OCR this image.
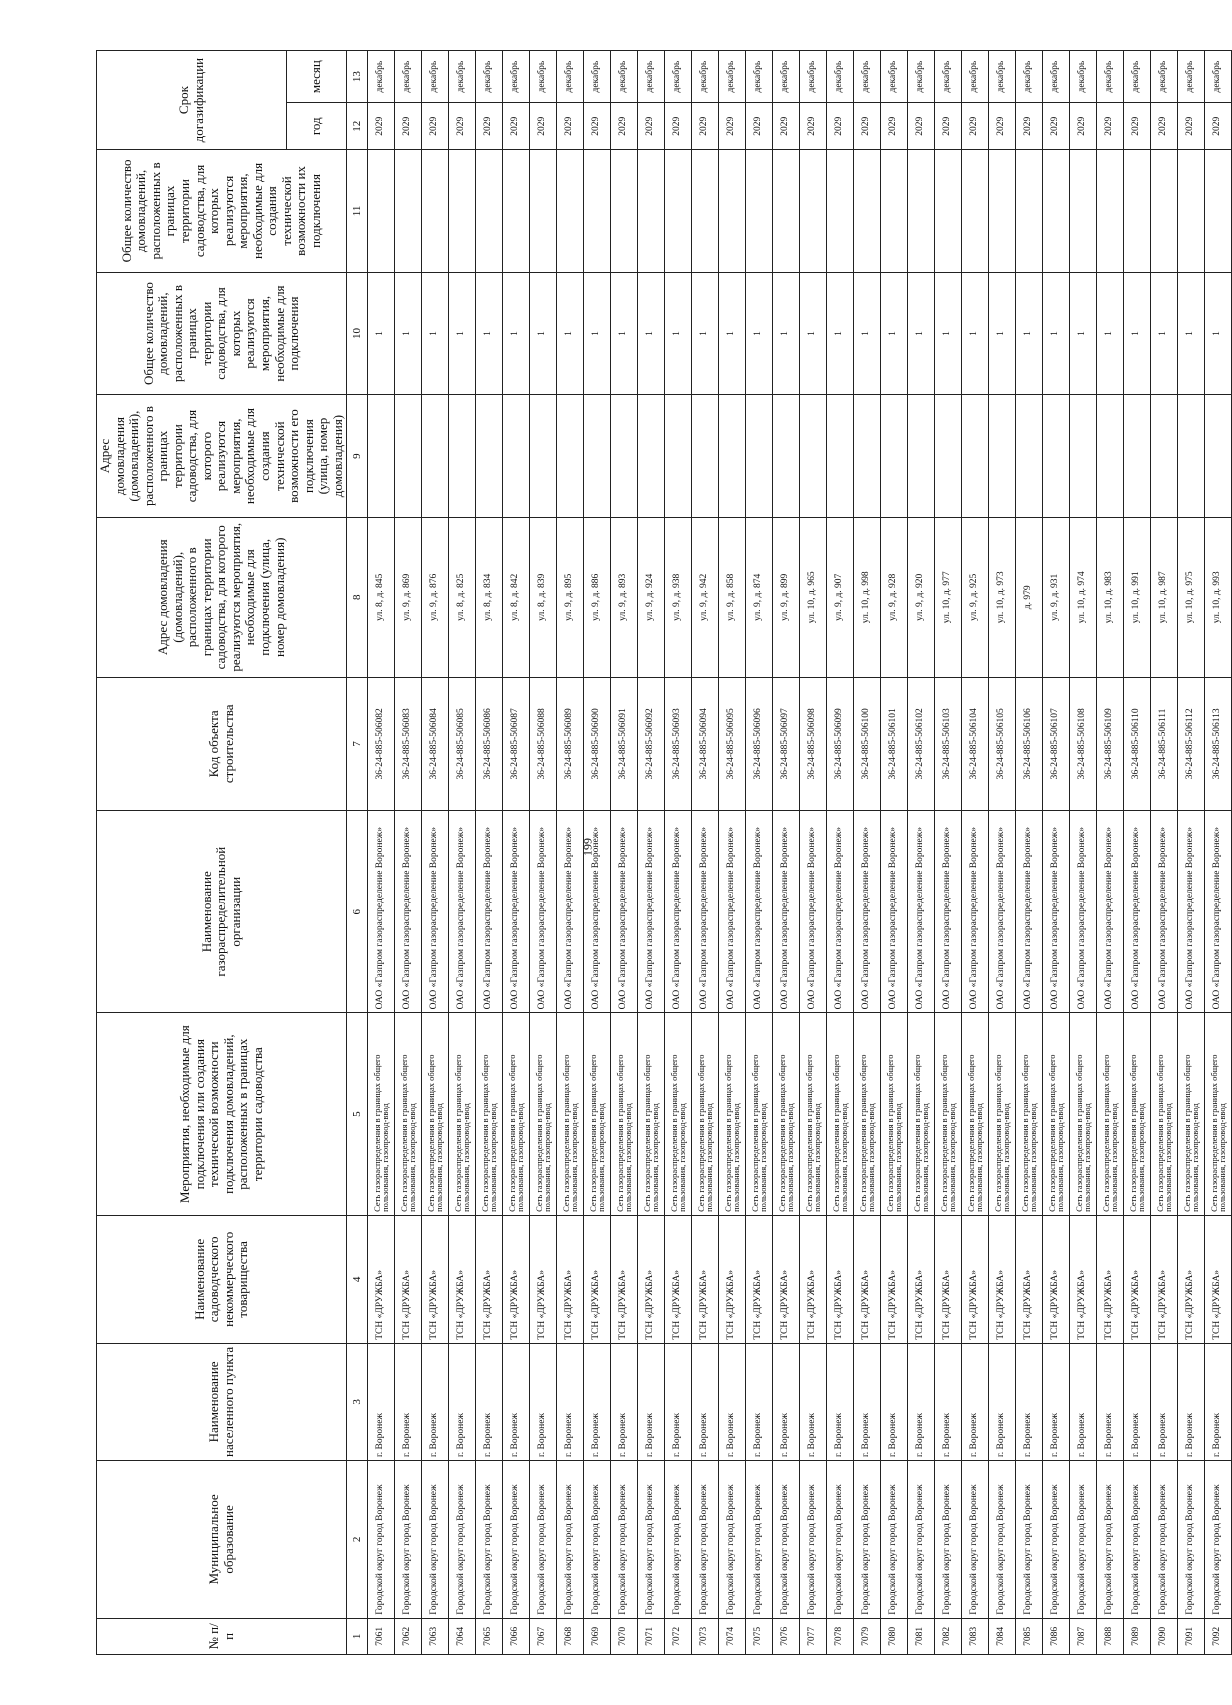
199
№ п/п	Муниципальное образование	Наименование населенного пункта	Наименование садоводческого некоммерческого товарищества	Мероприятия, необходимые для подключения или создания технической возможности подключения домовладений, расположенных в границах территории садоводства	Наименование газораспределительной организации	Код объекта строительства	Адрес домовладения (домовладений), расположенного в границах территории садоводства, для которого реализуются мероприятия, необходимые для подключения (улица, номер домовладения)	Адрес домовладения (домовладений), расположенного в границах территории садоводства, для которого реализуются мероприятия, необходимые для создания технической возможности его подключения (улица, номер домовладения)	Общее количество домовладений, расположенных в границах территории садоводства, для которых реализуются мероприятия, необходимые для подключения	Общее количество домовладений, расположенных в границах территории садоводства, для которых реализуются мероприятия, необходимые для создания технической возможности их подключения	Срок догазификации	
											год	месяц
1	2	3	4	5	6	7	8	9	10	11	12	13
7061	Городской округ город Воронеж	г. Воронеж	ТСН «ДРУЖБА»	Сеть газораспределения в границах общего пользования, газопровод-ввод	ОАО «Газпром газораспределение Воронеж»	36-24-885-506082	ул. 8, д. 845		1		2029	декабрь
7062	Городской округ город Воронеж	г. Воронеж	ТСН «ДРУЖБА»	Сеть газораспределения в границах общего пользования, газопровод-ввод	ОАО «Газпром газораспределение Воронеж»	36-24-885-506083	ул. 9, д. 869		1		2029	декабрь
7063	Городской округ город Воронеж	г. Воронеж	ТСН «ДРУЖБА»	Сеть газораспределения в границах общего пользования, газопровод-ввод	ОАО «Газпром газораспределение Воронеж»	36-24-885-506084	ул. 9, д. 876		1		2029	декабрь
7064	Городской округ город Воронеж	г. Воронеж	ТСН «ДРУЖБА»	Сеть газораспределения в границах общего пользования, газопровод-ввод	ОАО «Газпром газораспределение Воронеж»	36-24-885-506085	ул. 8, д. 825		1		2029	декабрь
7065	Городской округ город Воронеж	г. Воронеж	ТСН «ДРУЖБА»	Сеть газораспределения в границах общего пользования, газопровод-ввод	ОАО «Газпром газораспределение Воронеж»	36-24-885-506086	ул. 8, д. 834		1		2029	декабрь
7066	Городской округ город Воронеж	г. Воронеж	ТСН «ДРУЖБА»	Сеть газораспределения в границах общего пользования, газопровод-ввод	ОАО «Газпром газораспределение Воронеж»	36-24-885-506087	ул. 8, д. 842		1		2029	декабрь
7067	Городской округ город Воронеж	г. Воронеж	ТСН «ДРУЖБА»	Сеть газораспределения в границах общего пользования, газопровод-ввод	ОАО «Газпром газораспределение Воронеж»	36-24-885-506088	ул. 8, д. 839		1		2029	декабрь
7068	Городской округ город Воронеж	г. Воронеж	ТСН «ДРУЖБА»	Сеть газораспределения в границах общего пользования, газопровод-ввод	ОАО «Газпром газораспределение Воронеж»	36-24-885-506089	ул. 9, д. 895		1		2029	декабрь
7069	Городской округ город Воронеж	г. Воронеж	ТСН «ДРУЖБА»	Сеть газораспределения в границах общего пользования, газопровод-ввод	ОАО «Газпром газораспределение Воронеж»	36-24-885-506090	ул. 9, д. 886		1		2029	декабрь
7070	Городской округ город Воронеж	г. Воронеж	ТСН «ДРУЖБА»	Сеть газораспределения в границах общего пользования, газопровод-ввод	ОАО «Газпром газораспределение Воронеж»	36-24-885-506091	ул. 9, д. 893		1		2029	декабрь
7071	Городской округ город Воронеж	г. Воронеж	ТСН «ДРУЖБА»	Сеть газораспределения в границах общего пользования, газопровод-ввод	ОАО «Газпром газораспределение Воронеж»	36-24-885-506092	ул. 9, д. 924		1		2029	декабрь
7072	Городской округ город Воронеж	г. Воронеж	ТСН «ДРУЖБА»	Сеть газораспределения в границах общего пользования, газопровод-ввод	ОАО «Газпром газораспределение Воронеж»	36-24-885-506093	ул. 9, д. 938		1		2029	декабрь
7073	Городской округ город Воронеж	г. Воронеж	ТСН «ДРУЖБА»	Сеть газораспределения в границах общего пользования, газопровод-ввод	ОАО «Газпром газораспределение Воронеж»	36-24-885-506094	ул. 9, д. 942		1		2029	декабрь
7074	Городской округ город Воронеж	г. Воронеж	ТСН «ДРУЖБА»	Сеть газораспределения в границах общего пользования, газопровод-ввод	ОАО «Газпром газораспределение Воронеж»	36-24-885-506095	ул. 9, д. 858		1		2029	декабрь
7075	Городской округ город Воронеж	г. Воронеж	ТСН «ДРУЖБА»	Сеть газораспределения в границах общего пользования, газопровод-ввод	ОАО «Газпром газораспределение Воронеж»	36-24-885-506096	ул. 9, д. 874		1		2029	декабрь
7076	Городской округ город Воронеж	г. Воронеж	ТСН «ДРУЖБА»	Сеть газораспределения в границах общего пользования, газопровод-ввод	ОАО «Газпром газораспределение Воронеж»	36-24-885-506097	ул. 9, д. 899		1		2029	декабрь
7077	Городской округ город Воронеж	г. Воронеж	ТСН «ДРУЖБА»	Сеть газораспределения в границах общего пользования, газопровод-ввод	ОАО «Газпром газораспределение Воронеж»	36-24-885-506098	ул. 10, д. 965		1		2029	декабрь
7078	Городской округ город Воронеж	г. Воронеж	ТСН «ДРУЖБА»	Сеть газораспределения в границах общего пользования, газопровод-ввод	ОАО «Газпром газораспределение Воронеж»	36-24-885-506099	ул. 9, д. 907		1		2029	декабрь
7079	Городской округ город Воронеж	г. Воронеж	ТСН «ДРУЖБА»	Сеть газораспределения в границах общего пользования, газопровод-ввод	ОАО «Газпром газораспределение Воронеж»	36-24-885-506100	ул. 10, д. 998		1		2029	декабрь
7080	Городской округ город Воронеж	г. Воронеж	ТСН «ДРУЖБА»	Сеть газораспределения в границах общего пользования, газопровод-ввод	ОАО «Газпром газораспределение Воронеж»	36-24-885-506101	ул. 9, д. 928		1		2029	декабрь
7081	Городской округ город Воронеж	г. Воронеж	ТСН «ДРУЖБА»	Сеть газораспределения в границах общего пользования, газопровод-ввод	ОАО «Газпром газораспределение Воронеж»	36-24-885-506102	ул. 9, д. 920		1		2029	декабрь
7082	Городской округ город Воронеж	г. Воронеж	ТСН «ДРУЖБА»	Сеть газораспределения в границах общего пользования, газопровод-ввод	ОАО «Газпром газораспределение Воронеж»	36-24-885-506103	ул. 10, д. 977		1		2029	декабрь
7083	Городской округ город Воронеж	г. Воронеж	ТСН «ДРУЖБА»	Сеть газораспределения в границах общего пользования, газопровод-ввод	ОАО «Газпром газораспределение Воронеж»	36-24-885-506104	ул. 9, д. 925		1		2029	декабрь
7084	Городской округ город Воронеж	г. Воронеж	ТСН «ДРУЖБА»	Сеть газораспределения в границах общего пользования, газопровод-ввод	ОАО «Газпром газораспределение Воронеж»	36-24-885-506105	ул. 10, д. 973		1		2029	декабрь
7085	Городской округ город Воронеж	г. Воронеж	ТСН «ДРУЖБА»	Сеть газораспределения в границах общего пользования, газопровод-ввод	ОАО «Газпром газораспределение Воронеж»	36-24-885-506106	д. 979		1		2029	декабрь
7086	Городской округ город Воронеж	г. Воронеж	ТСН «ДРУЖБА»	Сеть газораспределения в границах общего пользования, газопровод-ввод	ОАО «Газпром газораспределение Воронеж»	36-24-885-506107	ул. 9, д. 931		1		2029	декабрь
7087	Городской округ город Воронеж	г. Воронеж	ТСН «ДРУЖБА»	Сеть газораспределения в границах общего пользования, газопровод-ввод	ОАО «Газпром газораспределение Воронеж»	36-24-885-506108	ул. 10, д. 974		1		2029	декабрь
7088	Городской округ город Воронеж	г. Воронеж	ТСН «ДРУЖБА»	Сеть газораспределения в границах общего пользования, газопровод-ввод	ОАО «Газпром газораспределение Воронеж»	36-24-885-506109	ул. 10, д. 983		1		2029	декабрь
7089	Городской округ город Воронеж	г. Воронеж	ТСН «ДРУЖБА»	Сеть газораспределения в границах общего пользования, газопровод-ввод	ОАО «Газпром газораспределение Воронеж»	36-24-885-506110	ул. 10, д. 991		1		2029	декабрь
7090	Городской округ город Воронеж	г. Воронеж	ТСН «ДРУЖБА»	Сеть газораспределения в границах общего пользования, газопровод-ввод	ОАО «Газпром газораспределение Воронеж»	36-24-885-506111	ул. 10, д. 987		1		2029	декабрь
7091	Городской округ город Воронеж	г. Воронеж	ТСН «ДРУЖБА»	Сеть газораспределения в границах общего пользования, газопровод-ввод	ОАО «Газпром газораспределение Воронеж»	36-24-885-506112	ул. 10, д. 975		1		2029	декабрь
7092	Городской округ город Воронеж	г. Воронеж	ТСН «ДРУЖБА»	Сеть газораспределения в границах общего пользования, газопровод-ввод	ОАО «Газпром газораспределение Воронеж»	36-24-885-506113	ул. 10, д. 993		1		2029	декабрь
